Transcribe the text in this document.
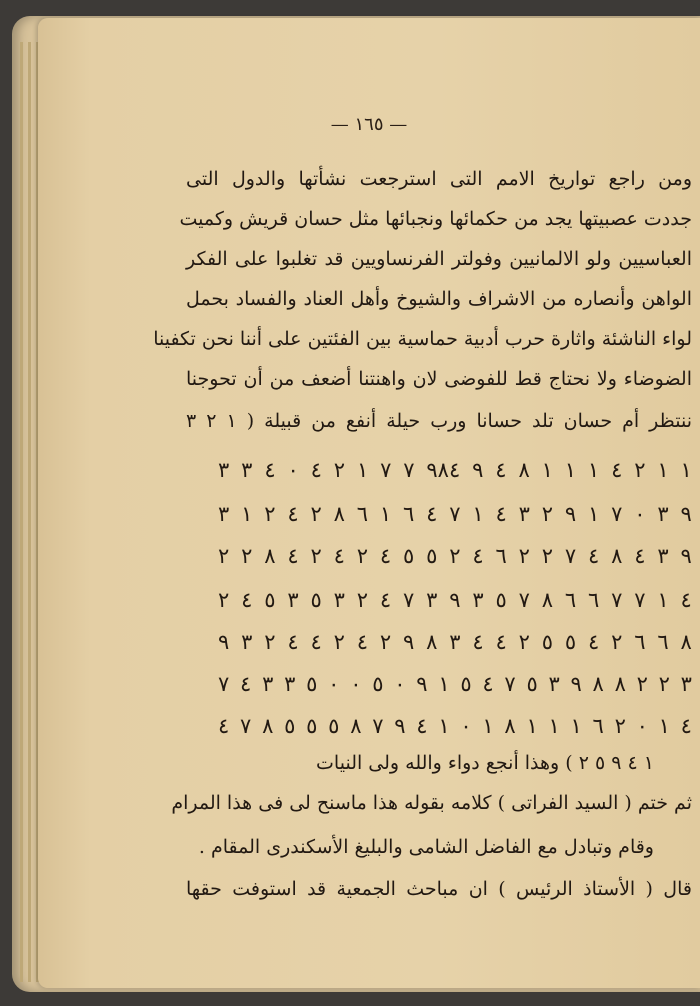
— ١٦٥ —
ومن راجع تواريخ الامم التى استرجعت نشأتها والدول التى
جددت عصبيتها يجد من حكمائها ونجبائها مثل حسان قريش وكميت
العباسيين ولو الالمانيين وفولتر الفرنساويين قد تغلبوا على الفكر
الواهن وأنصاره من الاشراف والشيوخ وأهل العناد والفساد بحمل
لواء الناشئة واثارة حرب أدبية حماسية بين الفئتين على أننا نحن تكفينا
الضوضاء ولا نحتاج قط للفوضى لان واهنتنا أضعف من أن تحوجنا
ننتظر أم حسان تلد حسانا ورب حيلة أنفع من قبيلة ( ١ ٢ ٣
١ ١ ٢ ٤ ١ ١ ١ ٨ ٤ ٩ ٩٨٤ ٧ ٧ ١ ٢ ٤ ٠ ٤ ٣ ٣
٩ ٣ ٠ ٧ ١ ٩ ٢ ٣ ٤ ١ ٧ ٤ ٦ ١ ٦ ٨ ٢ ٤ ٢ ١ ٣
٩ ٣ ٤ ٨ ٤ ٧ ٢ ٢ ٦ ٤ ٢ ٥ ٥ ٤ ٢ ٤ ٢ ٤ ٨ ٢ ٢
٤ ١ ٧ ٧ ٦ ٦ ٨ ٧ ٥ ٣ ٩ ٣ ٧ ٤ ٢ ٣ ٥ ٣ ٥ ٤ ٢
٨ ٦ ٦ ٢ ٤ ٥ ٥ ٢ ٤ ٤ ٣ ٨ ٩ ٢ ٤ ٢ ٤ ٤ ٢ ٣ ٩
٣ ٢ ٢ ٨ ٨ ٩ ٣ ٥ ٧ ٤ ٥ ١ ٩ ٠ ٥ ٠ ٠ ٥ ٣ ٣ ٤ ٧
٤ ١ ٠ ٢ ٦ ١ ١ ١ ٨ ١ ٠ ١ ٤ ٩ ٧ ٨ ٥ ٥ ٥ ٨ ٧ ٤
١ ٤ ٩ ٥ ٢ ) وهذا أنجع دواء والله ولى النيات
ثم ختم ( السيد الفراتى ) كلامه بقوله هذا ماسنح لى فى هذا المرام
وقام وتبادل مع الفاضل الشامى والبليغ الأسكندرى المقام .
قال ( الأستاذ الرئيس ) ان مباحث الجمعية قد استوفت حقها
